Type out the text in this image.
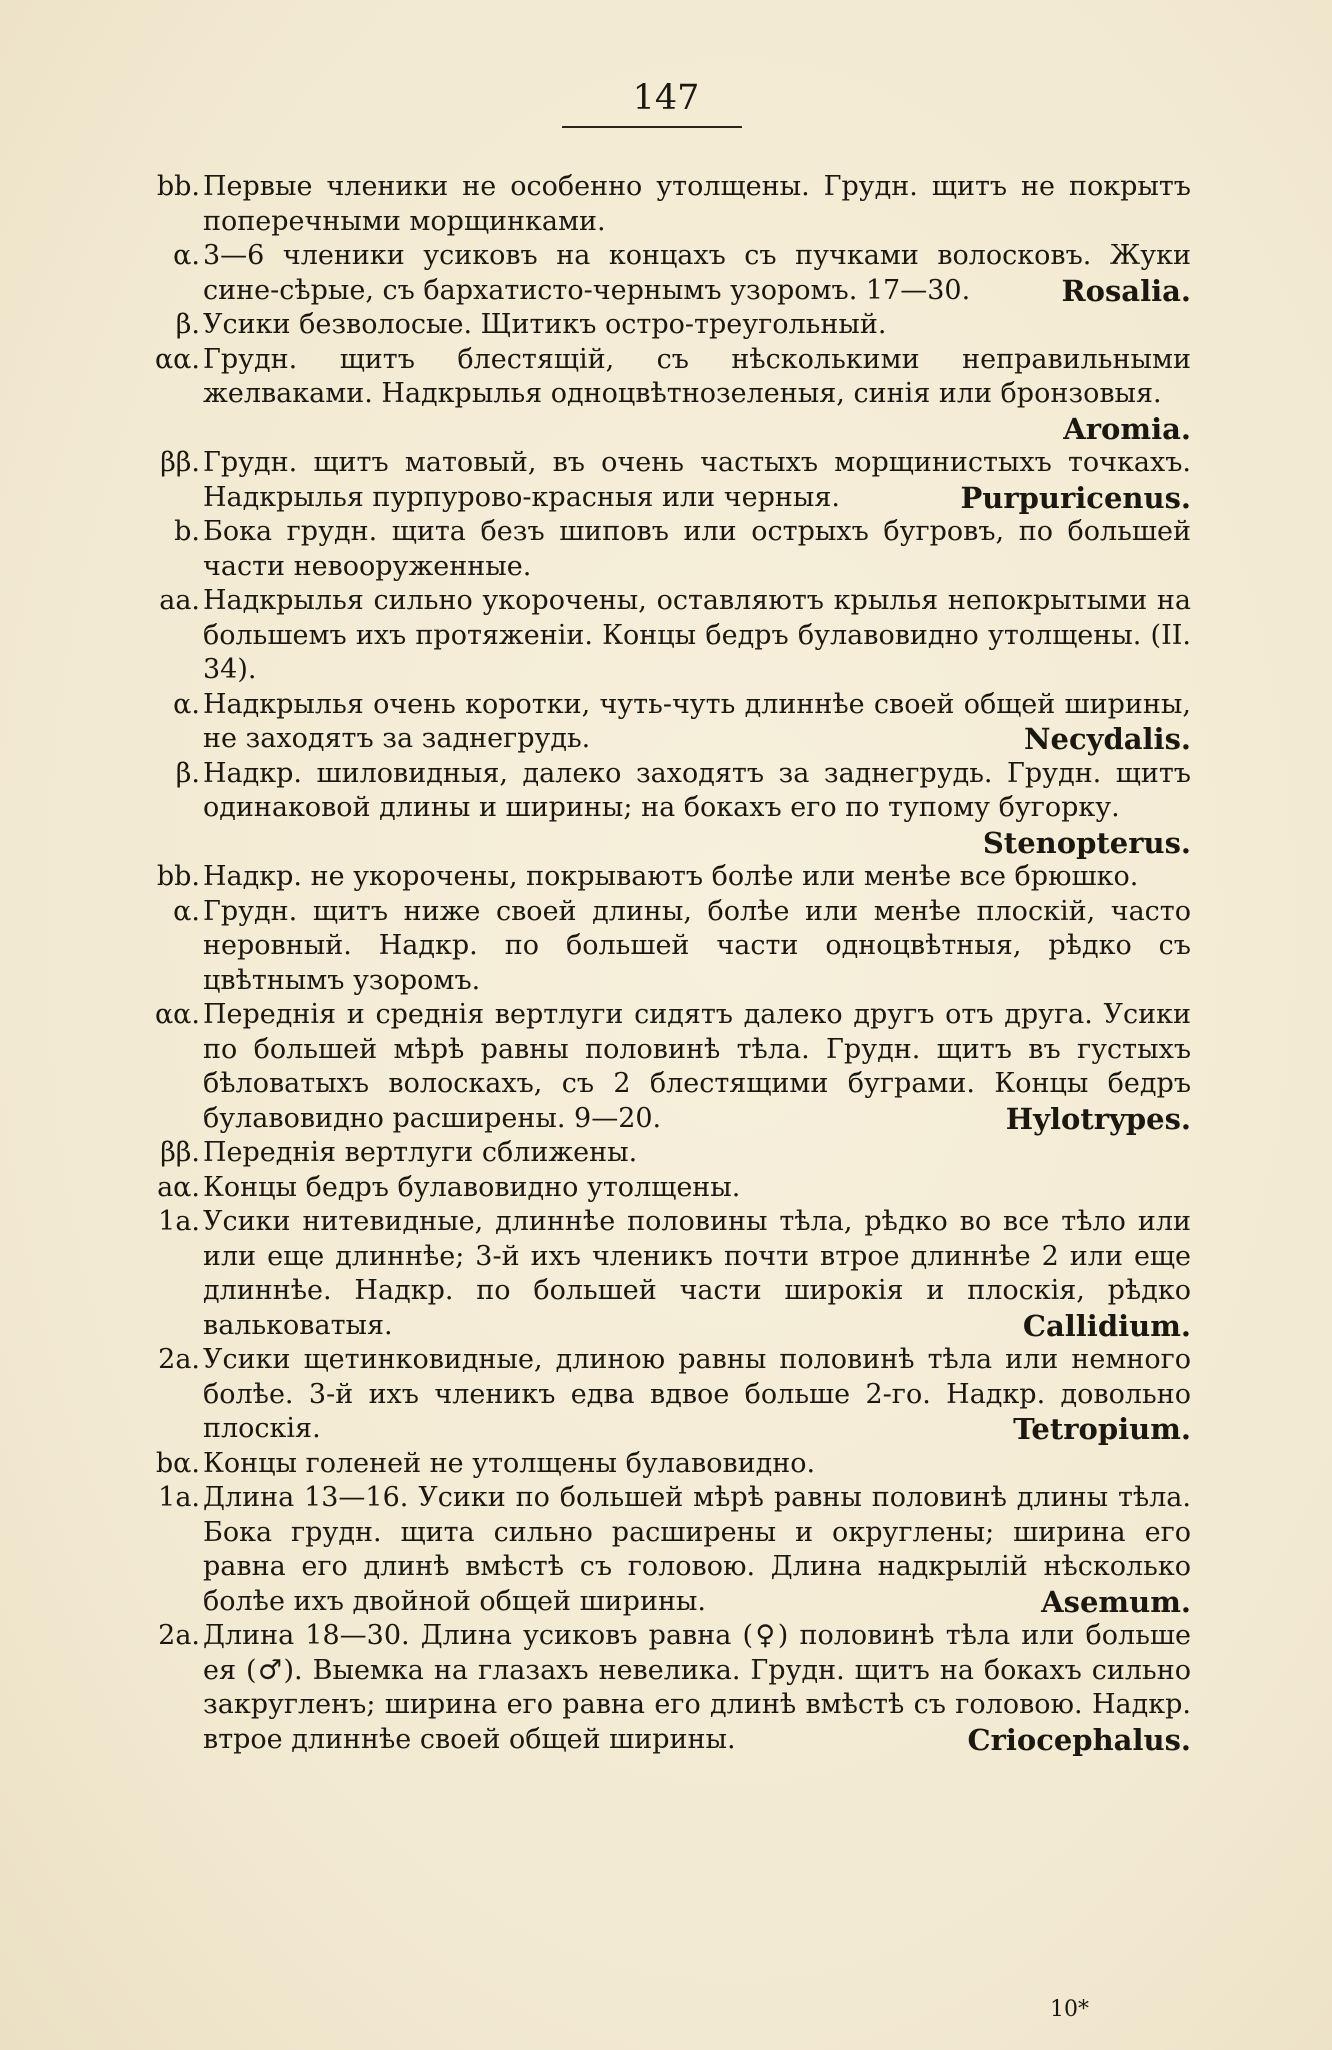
147
bb. Первые членики не особенно утолщены. Грудн. щитъ не покрытъ поперечными морщинками.
α. 3—6 членики усиковъ на концахъ съ пучками волосковъ. Жуки сине-сѣрые, съ бархатисто-чернымъ узоромъ. 17—30.	Rosalia.
β. Усики безволосые. Щитикъ остро-треугольный.
αα. Грудн. щитъ блестящій, съ нѣсколькими неправильными желваками. Надкрылья одноцвѣтнозеленыя, синія или бронзовыя.
Aromia.
ββ. Грудн. щитъ матовый, въ очень частыхъ морщинистыхъ точкахъ. Надкрылья пурпурово-красныя или черныя.	Purpuricenus.
b. Бока грудн. щита безъ шиповъ или острыхъ бугровъ, по большей части невооруженные.
aa. Надкрылья сильно укорочены, оставляютъ крылья непокрытыми на большемъ ихъ протяженіи. Концы бедръ булавовидно утолщены. (II. 34).
α. Надкрылья очень коротки, чуть-чуть длиннѣе своей общей ширины, не заходятъ за заднегрудь.	Necydalis.
β. Надкр. шиловидныя, далеко заходятъ за заднегрудь. Грудн. щитъ одинаковой длины и ширины; на бокахъ его по тупому бугорку.
Stenopterus.
bb. Надкр. не укорочены, покрываютъ болѣе или менѣе все брюшко.
α. Грудн. щитъ ниже своей длины, болѣе или менѣе плоскій, часто неровный. Надкр. по большей части одноцвѣтныя, рѣдко съ цвѣтнымъ узоромъ.
αα. Переднія и среднія вертлуги сидятъ далеко другъ отъ друга. Усики по большей мѣрѣ равны половинѣ тѣла. Грудн. щитъ въ густыхъ бѣловатыхъ волоскахъ, съ 2 блестящими буграми. Концы бедръ булавовидно расширены. 9—20.	Hylotrypes.
ββ. Переднія вертлуги сближены.
aα. Концы бедръ булавовидно утолщены.
1a. Усики нитевидные, длиннѣе половины тѣла, рѣдко во все тѣло или или еще длиннѣе; 3-й ихъ членикъ почти втрое длиннѣе 2 или еще длиннѣе. Надкр. по большей части широкія и плоскія, рѣдко вальковатыя.	Callidium.
2a. Усики щетинковидные, длиною равны половинѣ тѣла или немного болѣе. 3-й ихъ членикъ едва вдвое больше 2-го. Надкр. довольно плоскія.	Tetropium.
bα. Концы голеней не утолщены булавовидно.
1a. Длина 13—16. Усики по большей мѣрѣ равны половинѣ длины тѣла. Бока грудн. щита сильно расширены и округлены; ширина его равна его длинѣ вмѣстѣ съ головою. Длина надкрылій нѣсколько болѣе ихъ двойной общей ширины.	Asemum.
2a. Длина 18—30. Длина усиковъ равна (♀) половинѣ тѣла или больше ея (♂). Выемка на глазахъ невелика. Грудн. щитъ на бокахъ сильно закругленъ; ширина его равна его длинѣ вмѣстѣ съ головою. Надкр. втрое длиннѣе своей общей ширины.	Criocephalus.
10*
